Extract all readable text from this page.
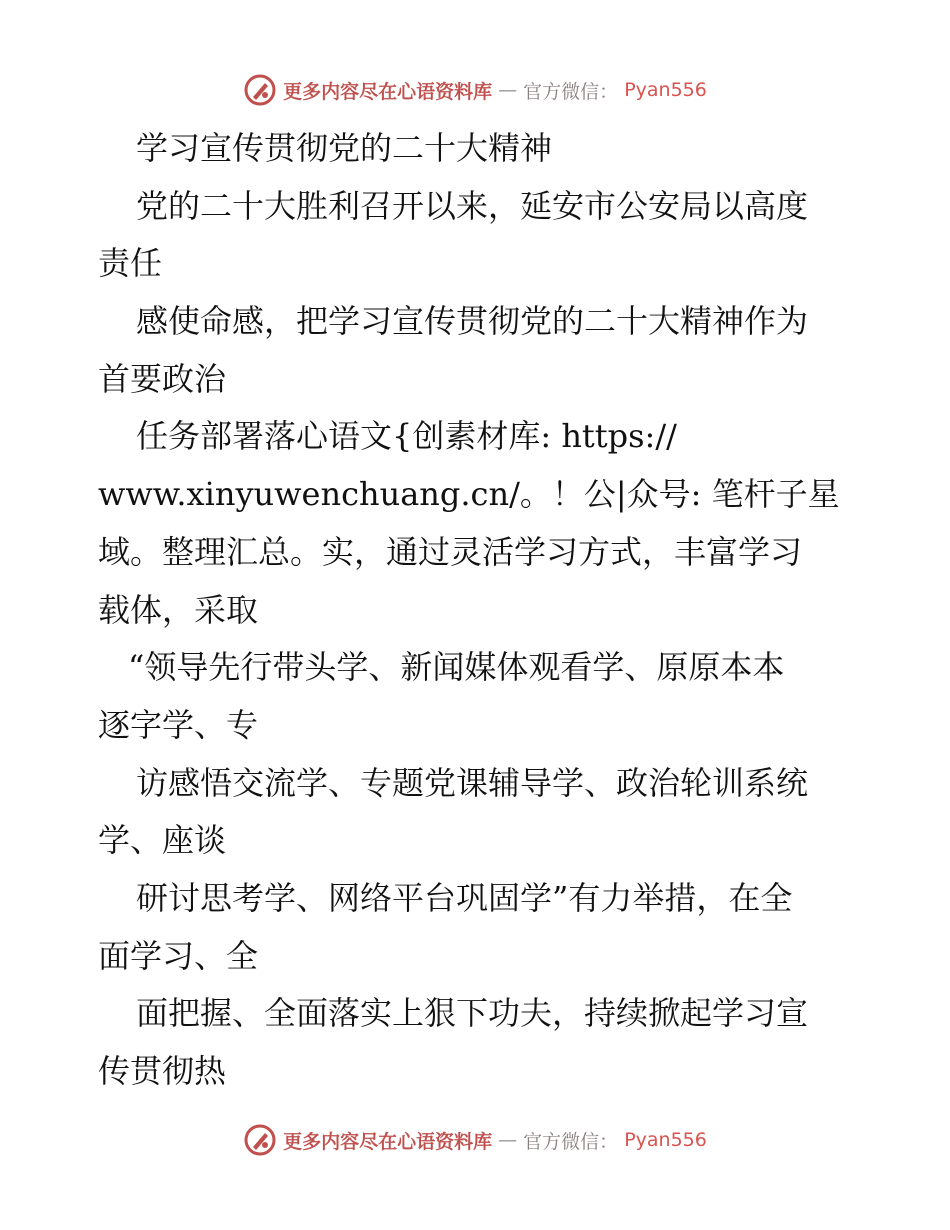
更多内容尽在心语资料库 — 官方微信： Pyan556
学习宣传贯彻党的二十大精神
党的二十大胜利召开以来，延安市公安局以高度
责任
感使命感，把学习宣传贯彻党的二十大精神作为
首要政治
任务部署落心语文{创素材库: https://
www.xinyuwenchuang.cn/。！公|众号: 笔杆子星
域。整理汇总。实，通过灵活学习方式，丰富学习
载体，采取
“领导先行带头学、新闻媒体观看学、原原本本
逐字学、专
访感悟交流学、专题党课辅导学、政治轮训系统
学、座谈
研讨思考学、网络平台巩固学”有力举措，在全
面学习、全
面把握、全面落实上狠下功夫，持续掀起学习宣
传贯彻热
更多内容尽在心语资料库 — 官方微信： Pyan556
